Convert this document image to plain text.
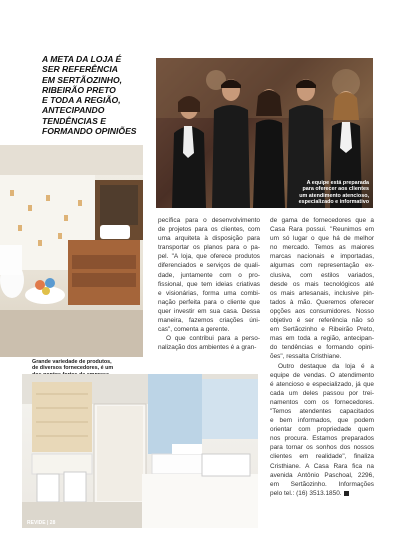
A META DA LOJA É
SER REFERÊNCIA
EM SERTÃOZINHO,
RIBEIRÃO PRETO
E TODA A REGIÃO,
ANTECIPANDO
TENDÊNCIAS E
FORMANDO OPINIÕES
A equipe está preparada
para oferecer aos clientes
um atendimento atencioso,
especializado e informativo
Grande variedade de produtos,
de diversos fornecedores, é um
REVIDE | 28
pecífica para o desenvolvimento
de projetos para os clientes, com
uma arquiteta à disposição para
transportar os planos para o pa-
pel. "A loja, que oferece produtos
diferenciados e serviços de quali-
dade, juntamente com o pro-
fissional, que tem ideias criativas
e visionárias, forma uma combi-
nação perfeita para o cliente que
quer investir em sua casa. Dessa
maneira, fazemos criações úni-
cas", comenta a gerente.
O que contribui para a perso-
nalização dos ambientes é a gran-
de gama de fornecedores que a
Casa Rara possui. "Reunimos em
um só lugar o que há de melhor
no mercado. Temos as maiores
marcas nacionais e importadas,
algumas com representação ex-
clusiva, com estilos variados,
desde os mais tecnológicos até
os mais artesanais, inclusive pin-
tados à mão. Queremos oferecer
opções aos consumidores. Nosso
objetivo é ser referência não só
em Sertãozinho e Ribeirão Preto,
mas em toda a região, antecipan-
do tendências e formando opini-
ões", ressalta Cristhiane.
Outro destaque da loja é a
equipe de vendas. O atendimento
é atencioso e especializado, já que
cada um deles passou por trei-
namentos com os fornecedores.
"Temos atendentes capacitados
e bem informados, que podem
orientar com propriedade quem
nos procura. Estamos preparados
para tornar os sonhos dos nossos
clientes em realidade", finaliza
Cristhiane. A Casa Rara fica na
avenida Antônio Paschoal, 2296,
em Sertãozinho. Informações
pelo tel.: (16) 3513.1850.
